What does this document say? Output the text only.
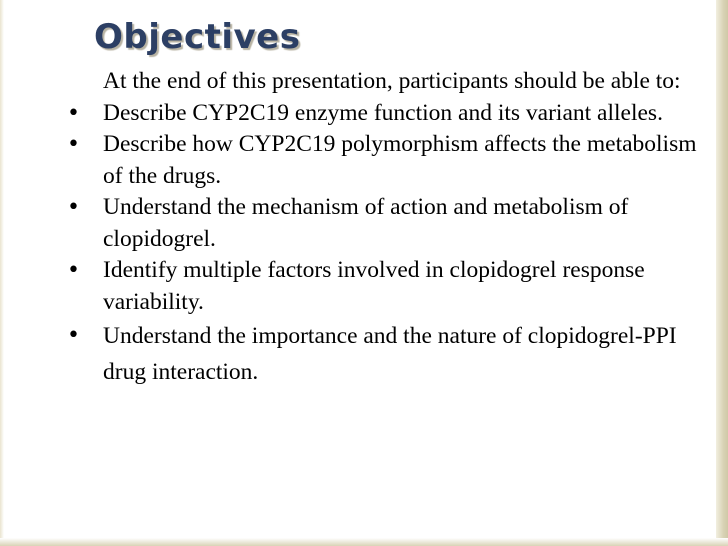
Objectives

At the end of this presentation, participants should be able to:

• Describe CYP2C19 enzyme function and its variant alleles.
• Describe how CYP2C19 polymorphism affects the metabolism of the drugs.
• Understand the mechanism of action and metabolism of clopidogrel.
• Identify multiple factors involved in clopidogrel response variability.
• Understand the importance and the nature of clopidogrel-PPI drug interaction.
